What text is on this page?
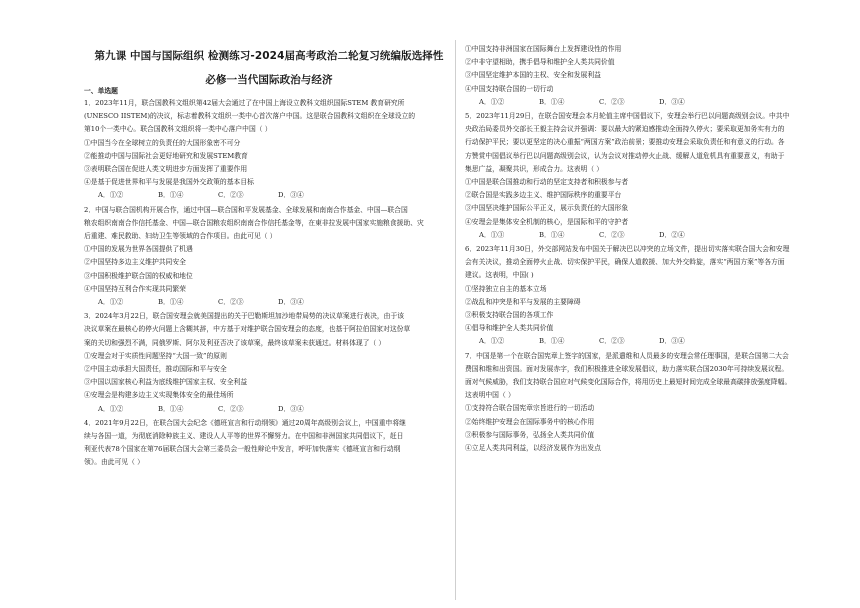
第九课 中国与国际组织 检测练习-2024届高考政治二轮复习统编版选择性
必修一当代国际政治与经济

一、单选题

1．2023年11月，联合国教科文组织第42届大会通过了在中国上海设立教科文组织国际STEM 教育研究所

(UNESCO IISTEM)的决议，标志着教科文组织一类中心首次落户中国。这是联合国教科文组织在全球设立的

第10个一类中心。联合国教科文组织将一类中心落户中国（ ）

①中国当今在全球树立的负责任的大国形象密不可分

②能推动中国与国际社会更好地研究和发展STEM教育

③表明联合国在促进人类文明进步方面发挥了重要作用

④是基于促进世界和平与发展是我国外交政策的基本目标

A．①②	B．①④	C．②③	D．③④

2．中国与联合国机构开展合作，通过中国—联合国和平发展基金、全球发展和南南合作基金、中国—联合国

粮农组织南南合作信托基金、中国—联合国粮农组织南南合作信托基金等，在東非拉发展中国家实施粮食援助、灾

后重建、难民救助、妇幼卫生等领域的合作项目。由此可见（ ）

①中国的发展为世界各国提供了机遇

②中国坚持多边主义维护共同安全

③中国积极维护联合国的权威和地位

④中国坚持互利合作实现共同繁荣

A．①②	B．①④	C．②③	D．③④

3．2024年3月22日，联合国安理会就美国提出的关于巴勒斯坦加沙地带局势的决议草案进行表决，由于该

决议草案在最核心的停火问题上含糊其辞，中方基于对维护联合国安理会的态度，也基于阿拉伯国家对这份草

案的关切和强烈不满，同俄罗斯、阿尔及利亚否决了该草案，最终该草案未获通过。材料体现了（ ）

①安理会对于实质性问题坚持“大国一致”的原则

②中国主动承担大国责任，推动国际和平与安全

③中国以国家核心利益为底线维护国家主权、安全利益

④安理会是构建多边主义实现集体安全的最佳场所

A．①②	B．①④	C．②③	D．③④

4．2021年9月22日，在联合国大会纪念《德班宣言和行动纲领》通过20周年高级别会议上，中国重申将继

续与各国一道，为彻底消除种族主义、建设人人平等的世界不懈努力。在中国和非洲国家共同倡议下，赶日

利亚代表78个国家在第76届联合国大会第三委员会一般性辩论中发言，呼吁加快落实《德班宣言和行动纲

领》。由此可见（ ）

①中国支持非洲国家在国际舞台上发挥建设性的作用

②中非守望相助，携手倡导和维护全人类共同价值

③中国坚定维护本国的主权、安全和发展利益

④中国支持联合国的一切行动

A．①②	B．①④	C．②③	D．③④

5．2023年11月29日，在联合国安理会本月轮值主席中国倡议下，安理会举行巴以问题高级别会议。中共中

央政治局委员外交部长王毅主持会议并强调：要以最大的紧迫感推动全面持久停火；要采取更加务实有力的

行动保护平民；要以更坚定的决心重振“两国方案”政治前景；要推动安理会采取负责任和有意义的行动。各

方赞赏中国倡议举行巴以问题高级别会议，认为会议对推动停火止战、缓解人道危机具有重要意义，有助于

集思广益，凝聚共识，形成合力。这表明（ ）

①中国是联合国推动和行动的坚定支持者和积极参与者

②联合国是实践多边主义、维护国际秩序的重要平台

③中国坚决维护国际公平正义，展示负责任的大国形象

④安理会是集体安全机制的核心，是国际和平的守护者

A．①③	B．①④	C．②③	D．②④

6．2023年11月30日，外交部网站发布中国关于解决巴以冲突的立场文件，提出切实落实联合国大会和安理

会有关决议，推动全面停火止战、切实保护平民，确保人道救援、加大外交斡旋，落实“两国方案”等各方面

建议。这表明，中国( )

①坚持独立自主的基本立场

②战乱和冲突是和平与发展的主要障碍

③积极支持联合国的各项工作

④倡导和维护全人类共同价值

A．①②	B．①④	C．②③	D．③④

7．中国是第一个在联合国宪章上签字的国家，是派遣维和人员最多的安理会常任理事国，是联合国第二大会

费国和维和出资国。面对发展赤字，我们积极推进全球发展倡议，助力落实联合国2030年可持续发展议程。

面对气候威胁，我们支持联合国应对气候变化国际合作，将用历史上最短时间完成全球最高碳排放强度降幅。

这表明中国（ ）

①支持符合联合国宪章宗旨进行的一切活动

②始终维护安理会在国际事务中的核心作用

③积极参与国际事务，弘扬全人类共同价值

④立足人类共同利益，以经济发展作为出发点
